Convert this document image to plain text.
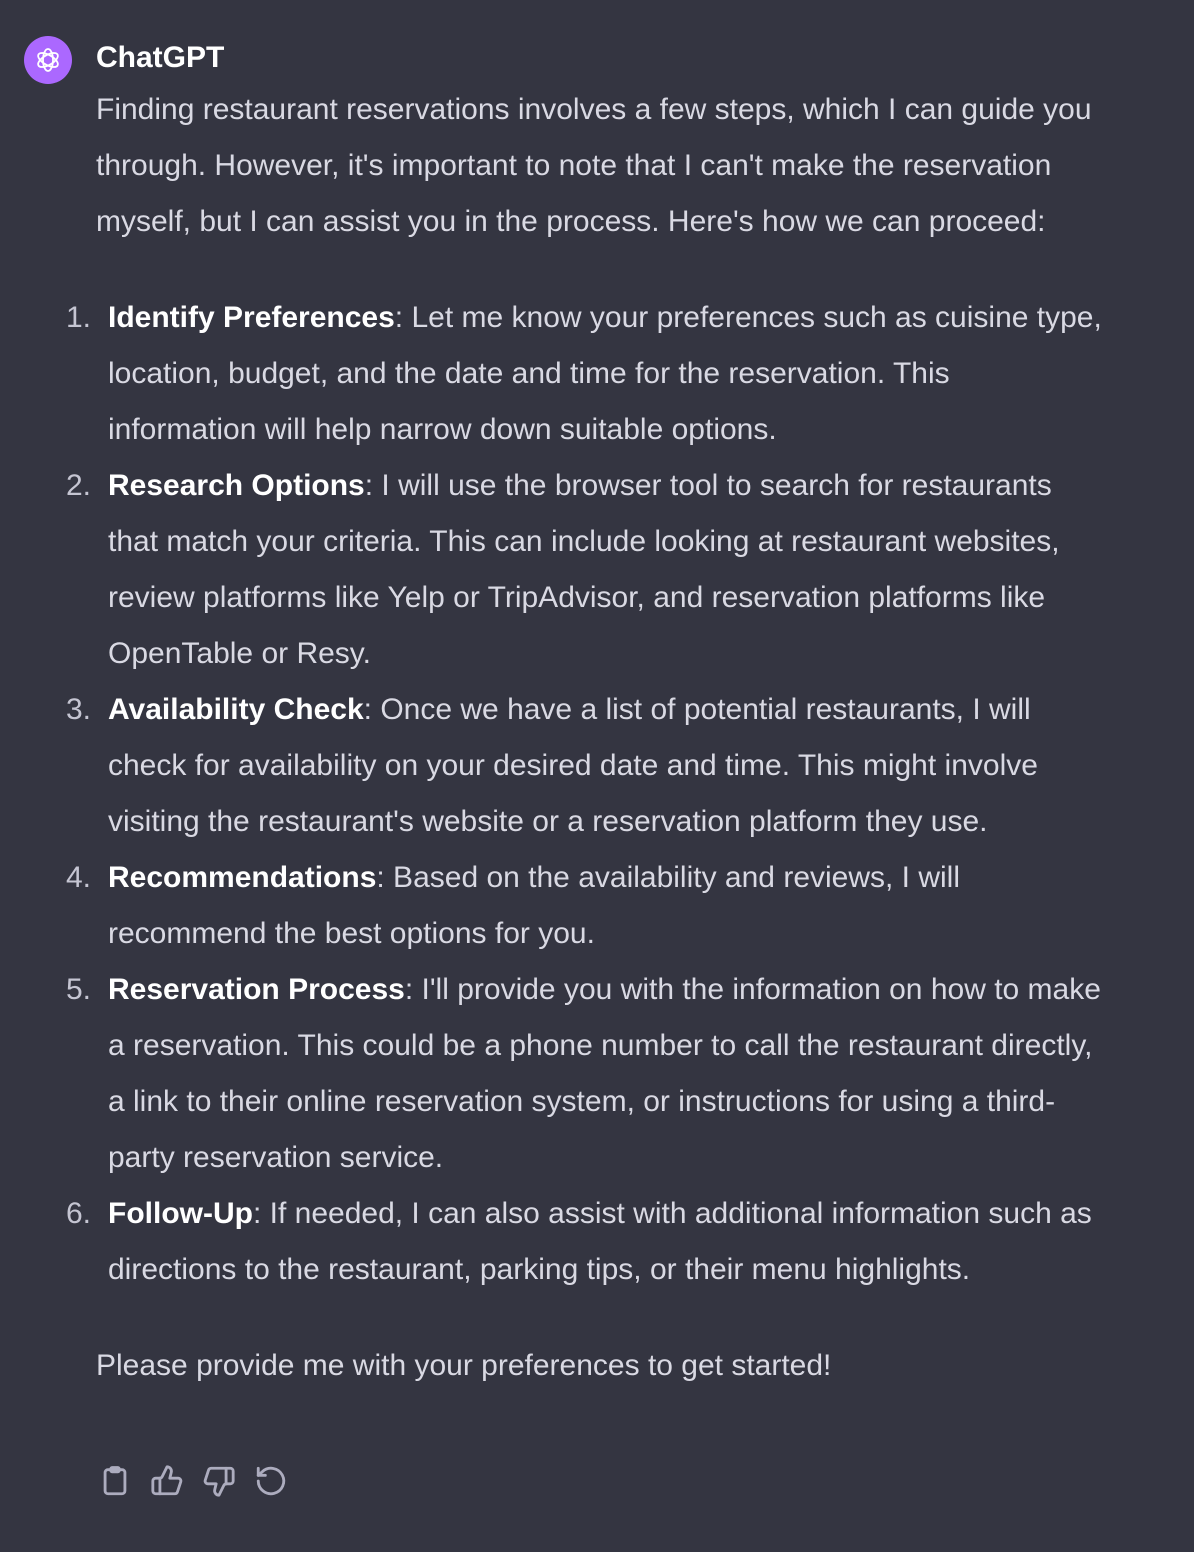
ChatGPT

Finding restaurant reservations involves a few steps, which I can guide you through. However, it's important to note that I can't make the reservation myself, but I can assist you in the process. Here's how we can proceed:

1. Identify Preferences: Let me know your preferences such as cuisine type, location, budget, and the date and time for the reservation. This information will help narrow down suitable options.
2. Research Options: I will use the browser tool to search for restaurants that match your criteria. This can include looking at restaurant websites, review platforms like Yelp or TripAdvisor, and reservation platforms like OpenTable or Resy.
3. Availability Check: Once we have a list of potential restaurants, I will check for availability on your desired date and time. This might involve visiting the restaurant's website or a reservation platform they use.
4. Recommendations: Based on the availability and reviews, I will recommend the best options for you.
5. Reservation Process: I'll provide you with the information on how to make a reservation. This could be a phone number to call the restaurant directly, a link to their online reservation system, or instructions for using a third-party reservation service.
6. Follow-Up: If needed, I can also assist with additional information such as directions to the restaurant, parking tips, or their menu highlights.

Please provide me with your preferences to get started!
